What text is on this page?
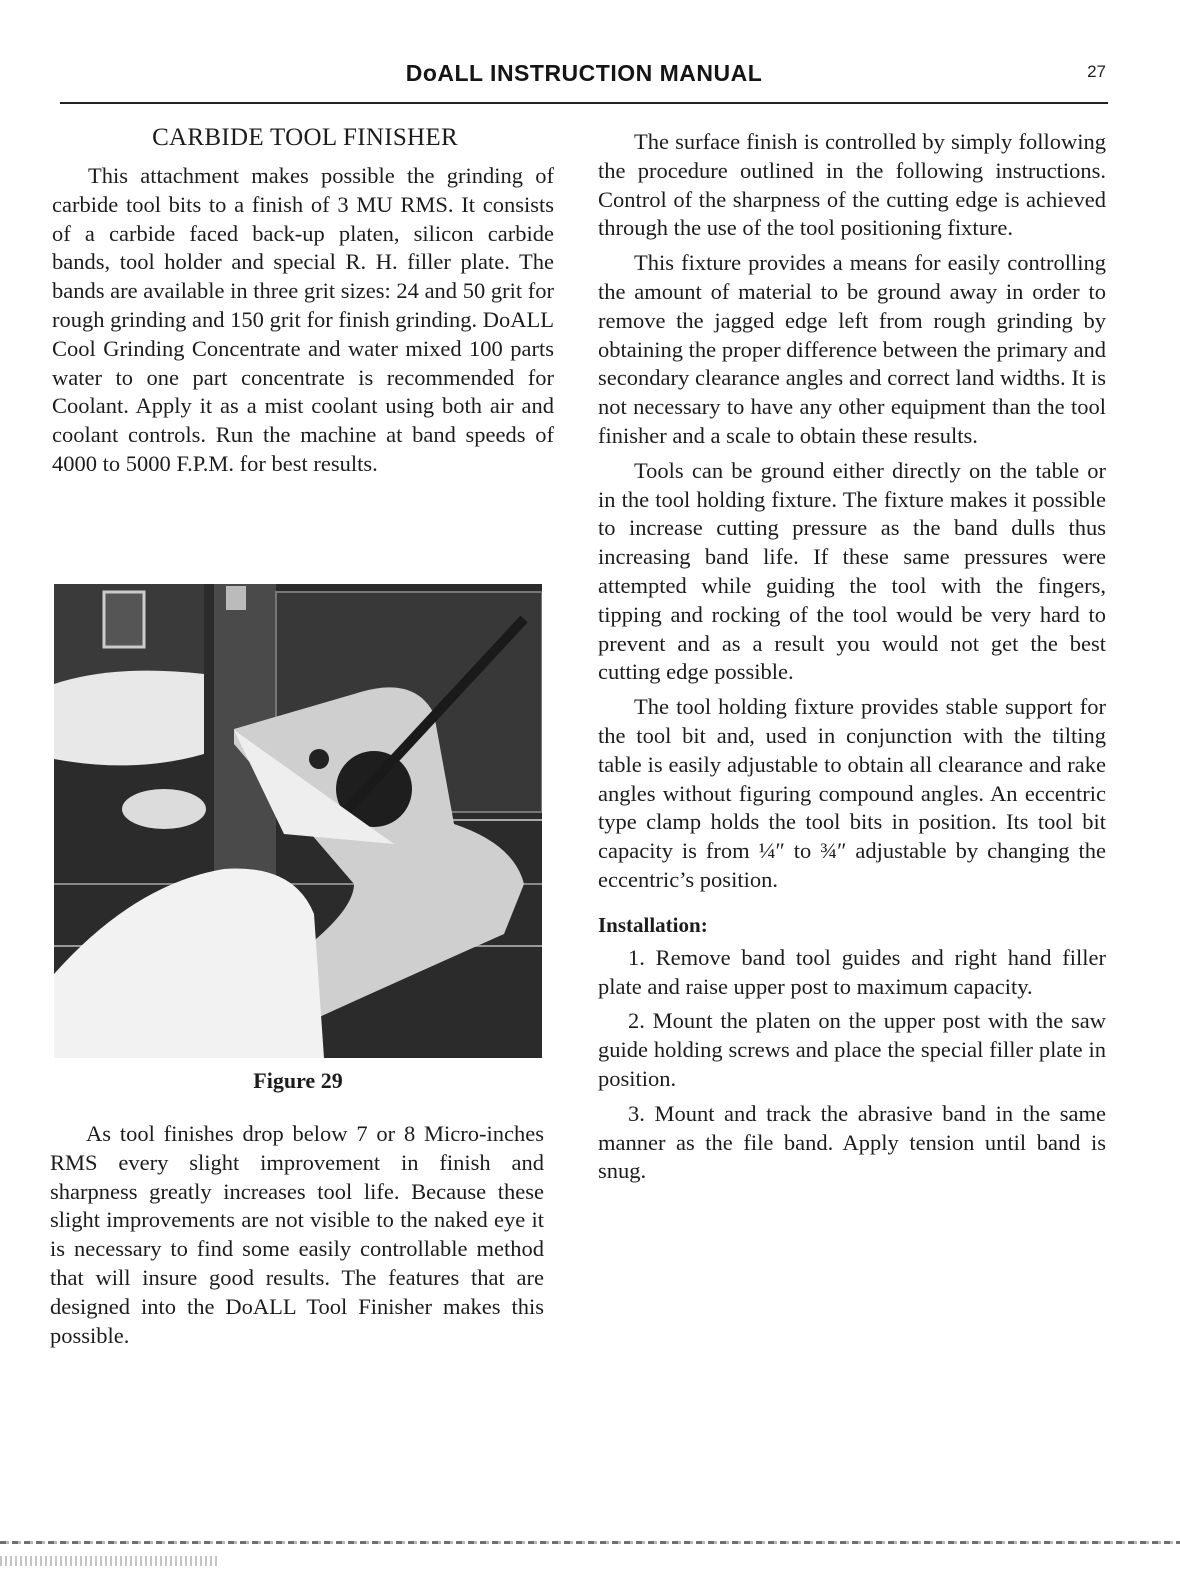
DoALL INSTRUCTION MANUAL	27
CARBIDE TOOL FINISHER

This attachment makes possible the grinding of carbide tool bits to a finish of 3 MU RMS. It consists of a carbide faced back-up platen, silicon carbide bands, tool holder and special R. H. filler plate. The bands are available in three grit sizes: 24 and 50 grit for rough grinding and 150 grit for finish grinding. DoALL Cool Grinding Concentrate and water mixed 100 parts water to one part concentrate is recommended for Coolant. Apply it as a mist coolant using both air and coolant controls. Run the machine at band speeds of 4000 to 5000 F.P.M. for best results.

Figure 29

As tool finishes drop below 7 or 8 Micro-inches RMS every slight improvement in finish and sharpness greatly increases tool life. Because these slight improvements are not visible to the naked eye it is necessary to find some easily controllable method that will insure good results. The features that are designed into the DoALL Tool Finisher makes this possible.

The surface finish is controlled by simply following the procedure outlined in the following instructions. Control of the sharpness of the cutting edge is achieved through the use of the tool positioning fixture.

This fixture provides a means for easily controlling the amount of material to be ground away in order to remove the jagged edge left from rough grinding by obtaining the proper difference between the primary and secondary clearance angles and correct land widths. It is not necessary to have any other equipment than the tool finisher and a scale to obtain these results.

Tools can be ground either directly on the table or in the tool holding fixture. The fixture makes it possible to increase cutting pressure as the band dulls thus increasing band life. If these same pressures were attempted while guiding the tool with the fingers, tipping and rocking of the tool would be very hard to prevent and as a result you would not get the best cutting edge possible.

The tool holding fixture provides stable support for the tool bit and, used in conjunction with the tilting table is easily adjustable to obtain all clearance and rake angles without figuring compound angles. An eccentric type clamp holds the tool bits in position. Its tool bit capacity is from ¼″ to ¾″ adjustable by changing the eccentric’s position.

Installation:

1. Remove band tool guides and right hand filler plate and raise upper post to maximum capacity.

2. Mount the platen on the upper post with the saw guide holding screws and place the special filler plate in position.

3. Mount and track the abrasive band in the same manner as the file band. Apply tension until band is snug.
